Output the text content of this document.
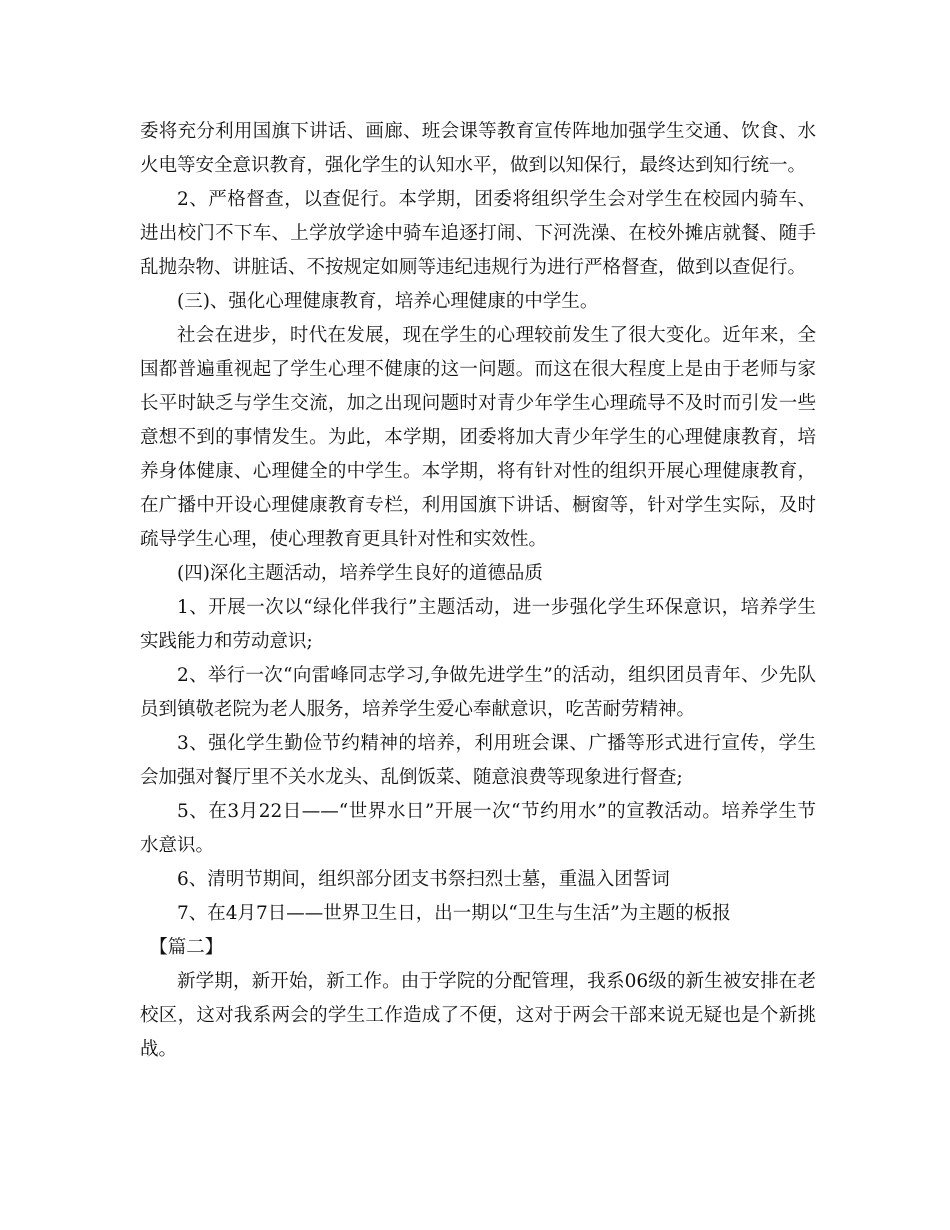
委将充分利用国旗下讲话、画廊、班会课等教育宣传阵地加强学生交通、饮食、水火电等安全意识教育，强化学生的认知水平，做到以知保行，最终达到知行统一。

2、严格督查，以查促行。本学期，团委将组织学生会对学生在校园内骑车、进出校门不下车、上学放学途中骑车追逐打闹、下河洗澡、在校外摊店就餐、随手乱抛杂物、讲脏话、不按规定如厕等违纪违规行为进行严格督查，做到以查促行。

(三)、强化心理健康教育，培养心理健康的中学生。

社会在进步，时代在发展，现在学生的心理较前发生了很大变化。近年来，全国都普遍重视起了学生心理不健康的这一问题。而这在很大程度上是由于老师与家长平时缺乏与学生交流，加之出现问题时对青少年学生心理疏导不及时而引发一些意想不到的事情发生。为此，本学期，团委将加大青少年学生的心理健康教育，培养身体健康、心理健全的中学生。本学期，将有针对性的组织开展心理健康教育，在广播中开设心理健康教育专栏，利用国旗下讲话、橱窗等，针对学生实际，及时疏导学生心理，使心理教育更具针对性和实效性。

(四)深化主题活动，培养学生良好的道德品质

1、开展一次以“绿化伴我行”主题活动，进一步强化学生环保意识，培养学生实践能力和劳动意识;

2、举行一次“向雷峰同志学习,争做先进学生”的活动，组织团员青年、少先队员到镇敬老院为老人服务，培养学生爱心奉献意识，吃苦耐劳精神。

3、强化学生勤俭节约精神的培养，利用班会课、广播等形式进行宣传，学生会加强对餐厅里不关水龙头、乱倒饭菜、随意浪费等现象进行督查;

5、在3月22日——“世界水日”开展一次“节约用水”的宣教活动。培养学生节水意识。

6、清明节期间，组织部分团支书祭扫烈士墓，重温入团誓词

7、在4月7日——世界卫生日，出一期以“卫生与生活”为主题的板报

【篇二】

新学期，新开始，新工作。由于学院的分配管理，我系06级的新生被安排在老校区，这对我系两会的学生工作造成了不便，这对于两会干部来说无疑也是个新挑战。
